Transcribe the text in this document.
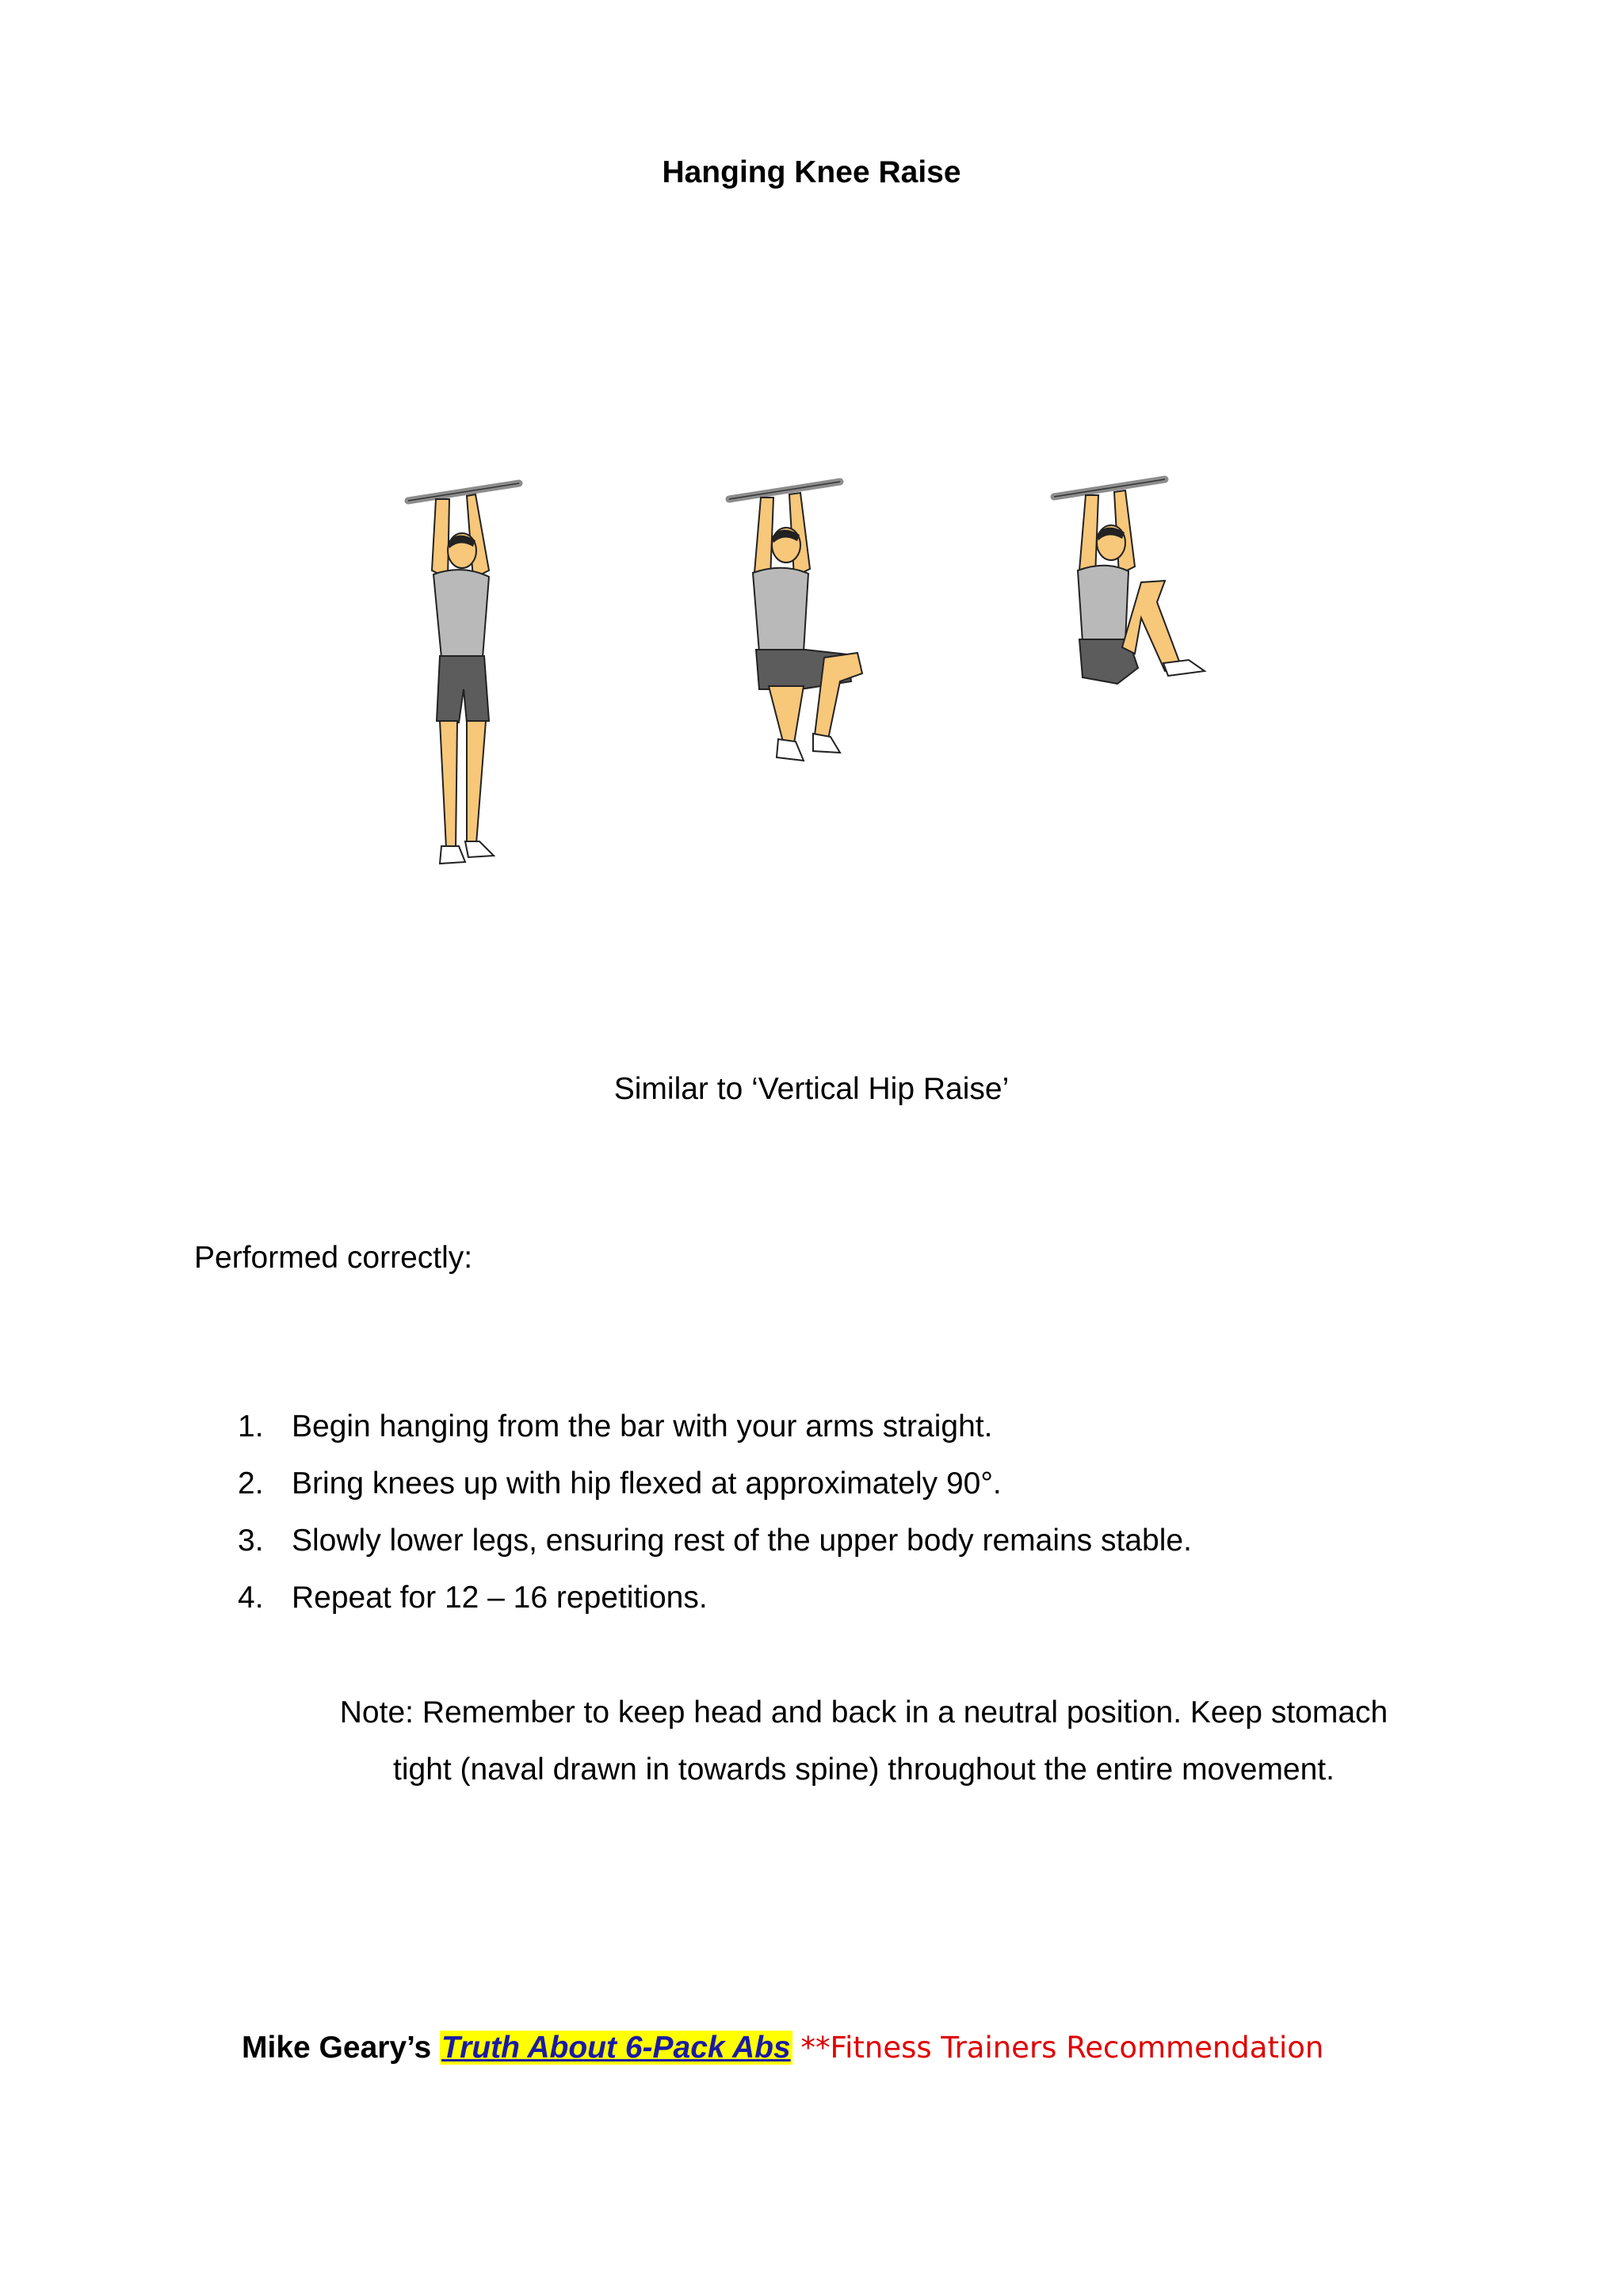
Hanging Knee Raise
Similar to ‘Vertical Hip Raise’
Performed correctly:
1. Begin hanging from the bar with your arms straight.
2. Bring knees up with hip flexed at approximately 90°.
3. Slowly lower legs, ensuring rest of the upper body remains stable.
4. Repeat for 12 – 16 repetitions.
Note: Remember to keep head and back in a neutral position. Keep stomach
tight (naval drawn in towards spine) throughout the entire movement.
Mike Geary’s Truth About 6-Pack Abs **Fitness Trainers Recommendation
